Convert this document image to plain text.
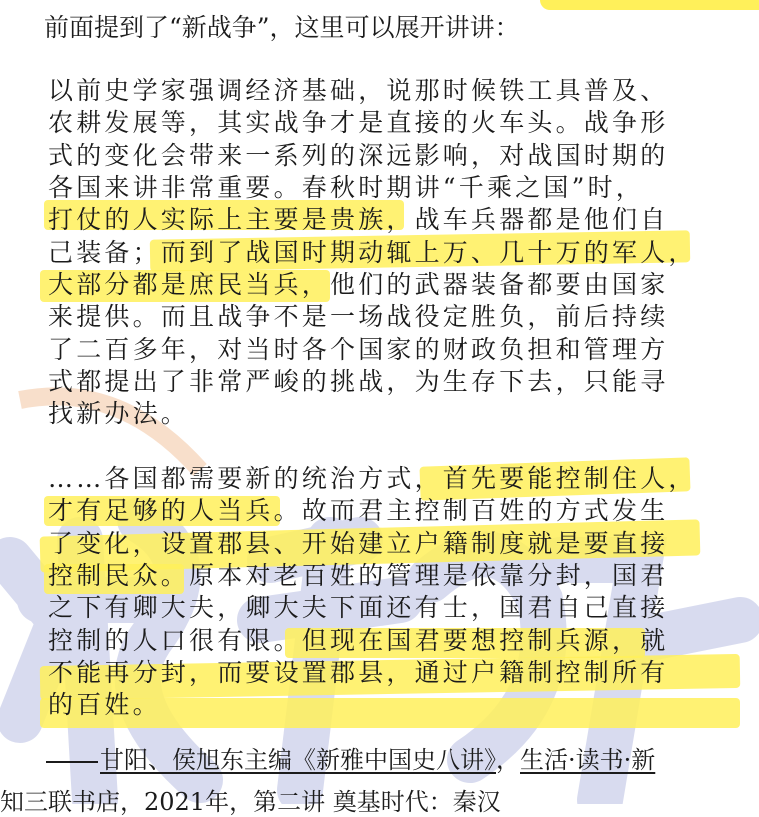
前面提到了“新战争”，这里可以展开讲讲：
以前史学家强调经济基础，说那时候铁工具普及、
农耕发展等，其实战争才是直接的火车头。战争形
式的变化会带来一系列的深远影响，对战国时期的
各国来讲非常重要。春秋时期讲“千乘之国”时，
打仗的人实际上主要是贵族，战车兵器都是他们自
己装备；而到了战国时期动辄上万、几十万的军人，
大部分都是庶民当兵，他们的武器装备都要由国家
来提供。而且战争不是一场战役定胜负，前后持续
了二百多年，对当时各个国家的财政负担和管理方
式都提出了非常严峻的挑战，为生存下去，只能寻
找新办法。
……各国都需要新的统治方式，首先要能控制住人，
才有足够的人当兵。故而君主控制百姓的方式发生
了变化，设置郡县、开始建立户籍制度就是要直接
控制民众。原本对老百姓的管理是依靠分封，国君
之下有卿大夫，卿大夫下面还有士，国君自己直接
控制的人口很有限。但现在国君要想控制兵源，就
不能再分封，而要设置郡县，通过户籍制控制所有
的百姓。
甘阳、侯旭东主编《新雅中国史八讲》，生活·读书·新
知三联书店，2021年，第二讲 奠基时代：秦汉
